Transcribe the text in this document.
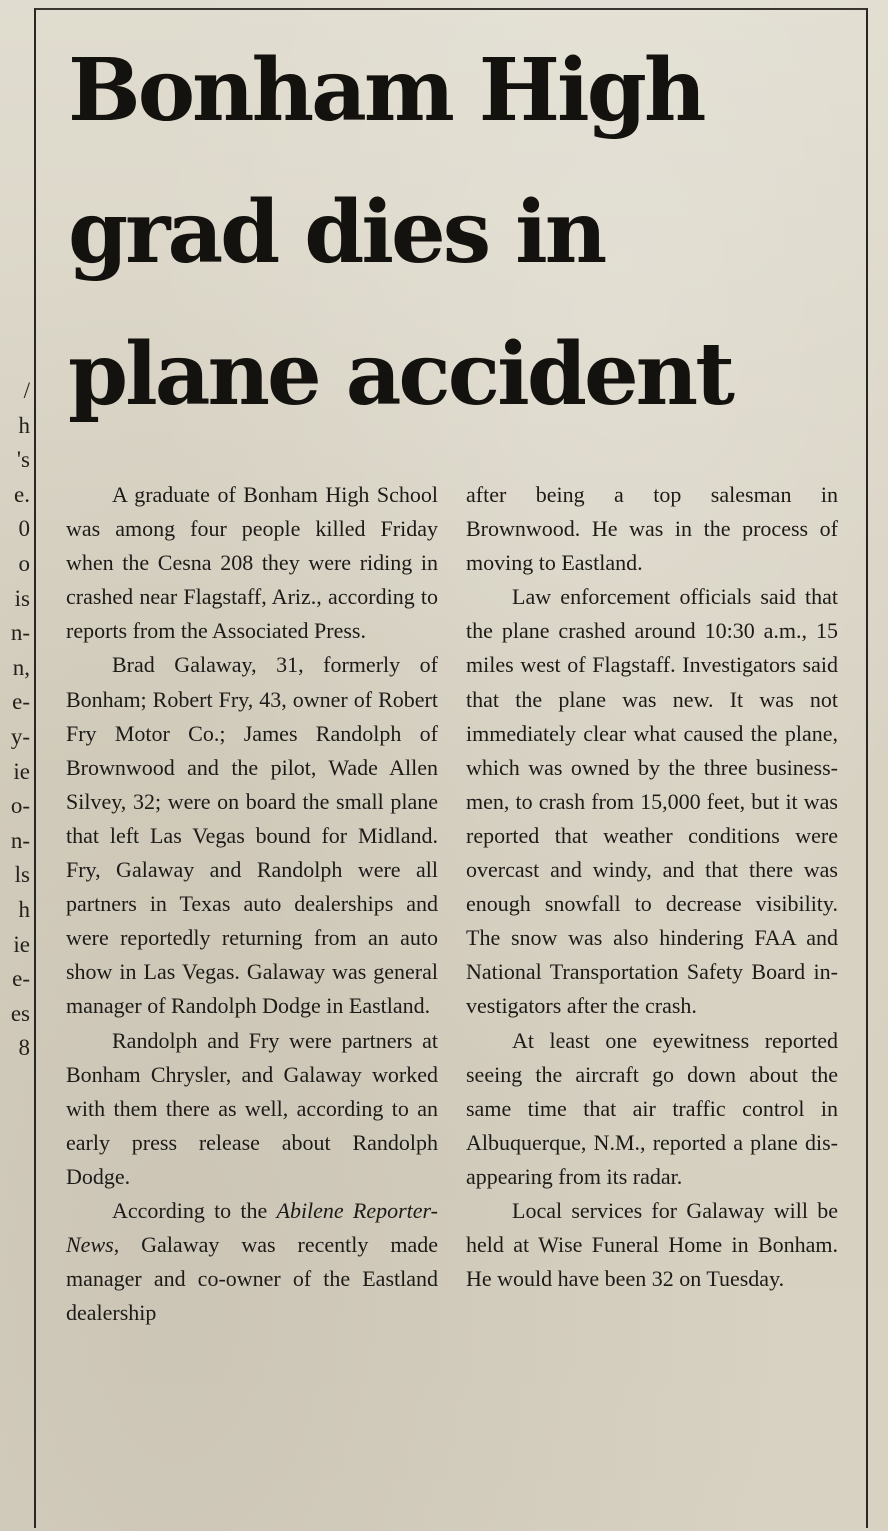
/
h
's
e.
0
o
is
n-
n,
e-
y-
ie
o-
n-
ls
h
ie
e-
es
8
Bonham High
grad dies in
plane accident

A graduate of Bonham High School was among four people killed Friday when the Cesna 208 they were riding in crashed near Flagstaff, Ariz., according to reports from the Associated Press.

Brad Galaway, 31, formerly of Bonham; Robert Fry, 43, owner of Robert Fry Motor Co.; James Randolph of Brownwood and the pilot, Wade Allen Silvey, 32; were on board the small plane that left Las Vegas bound for Midland. Fry, Galaway and Randolph were all partners in Texas auto dealerships and were reportedly returning from an auto show in Las Vegas. Galaway was general manager of Randolph Dodge in Eastland.

Randolph and Fry were partners at Bonham Chrysler, and Galaway worked with them there as well, according to an early press release about Randolph Dodge.

According to the Abilene Reporter-News, Galaway was recently made manager and co-owner of the Eastland dealership

after being a top salesman in Brownwood. He was in the process of moving to Eastland.

Law enforcement officials said that the plane crashed around 10:30 a.m., 15 miles west of Flagstaff. Investigators said that the plane was new. It was not immediately clear what caused the plane, which was owned by the three businessmen, to crash from 15,000 feet, but it was reported that weather conditions were overcast and windy, and that there was enough snowfall to decrease visibility. The snow was also hindering FAA and National Transportation Safety Board investigators after the crash.

At least one eyewitness reported seeing the aircraft go down about the same time that air traffic control in Albuquerque, N.M., reported a plane disappearing from its radar.

Local services for Galaway will be held at Wise Funeral Home in Bonham. He would have been 32 on Tuesday.
